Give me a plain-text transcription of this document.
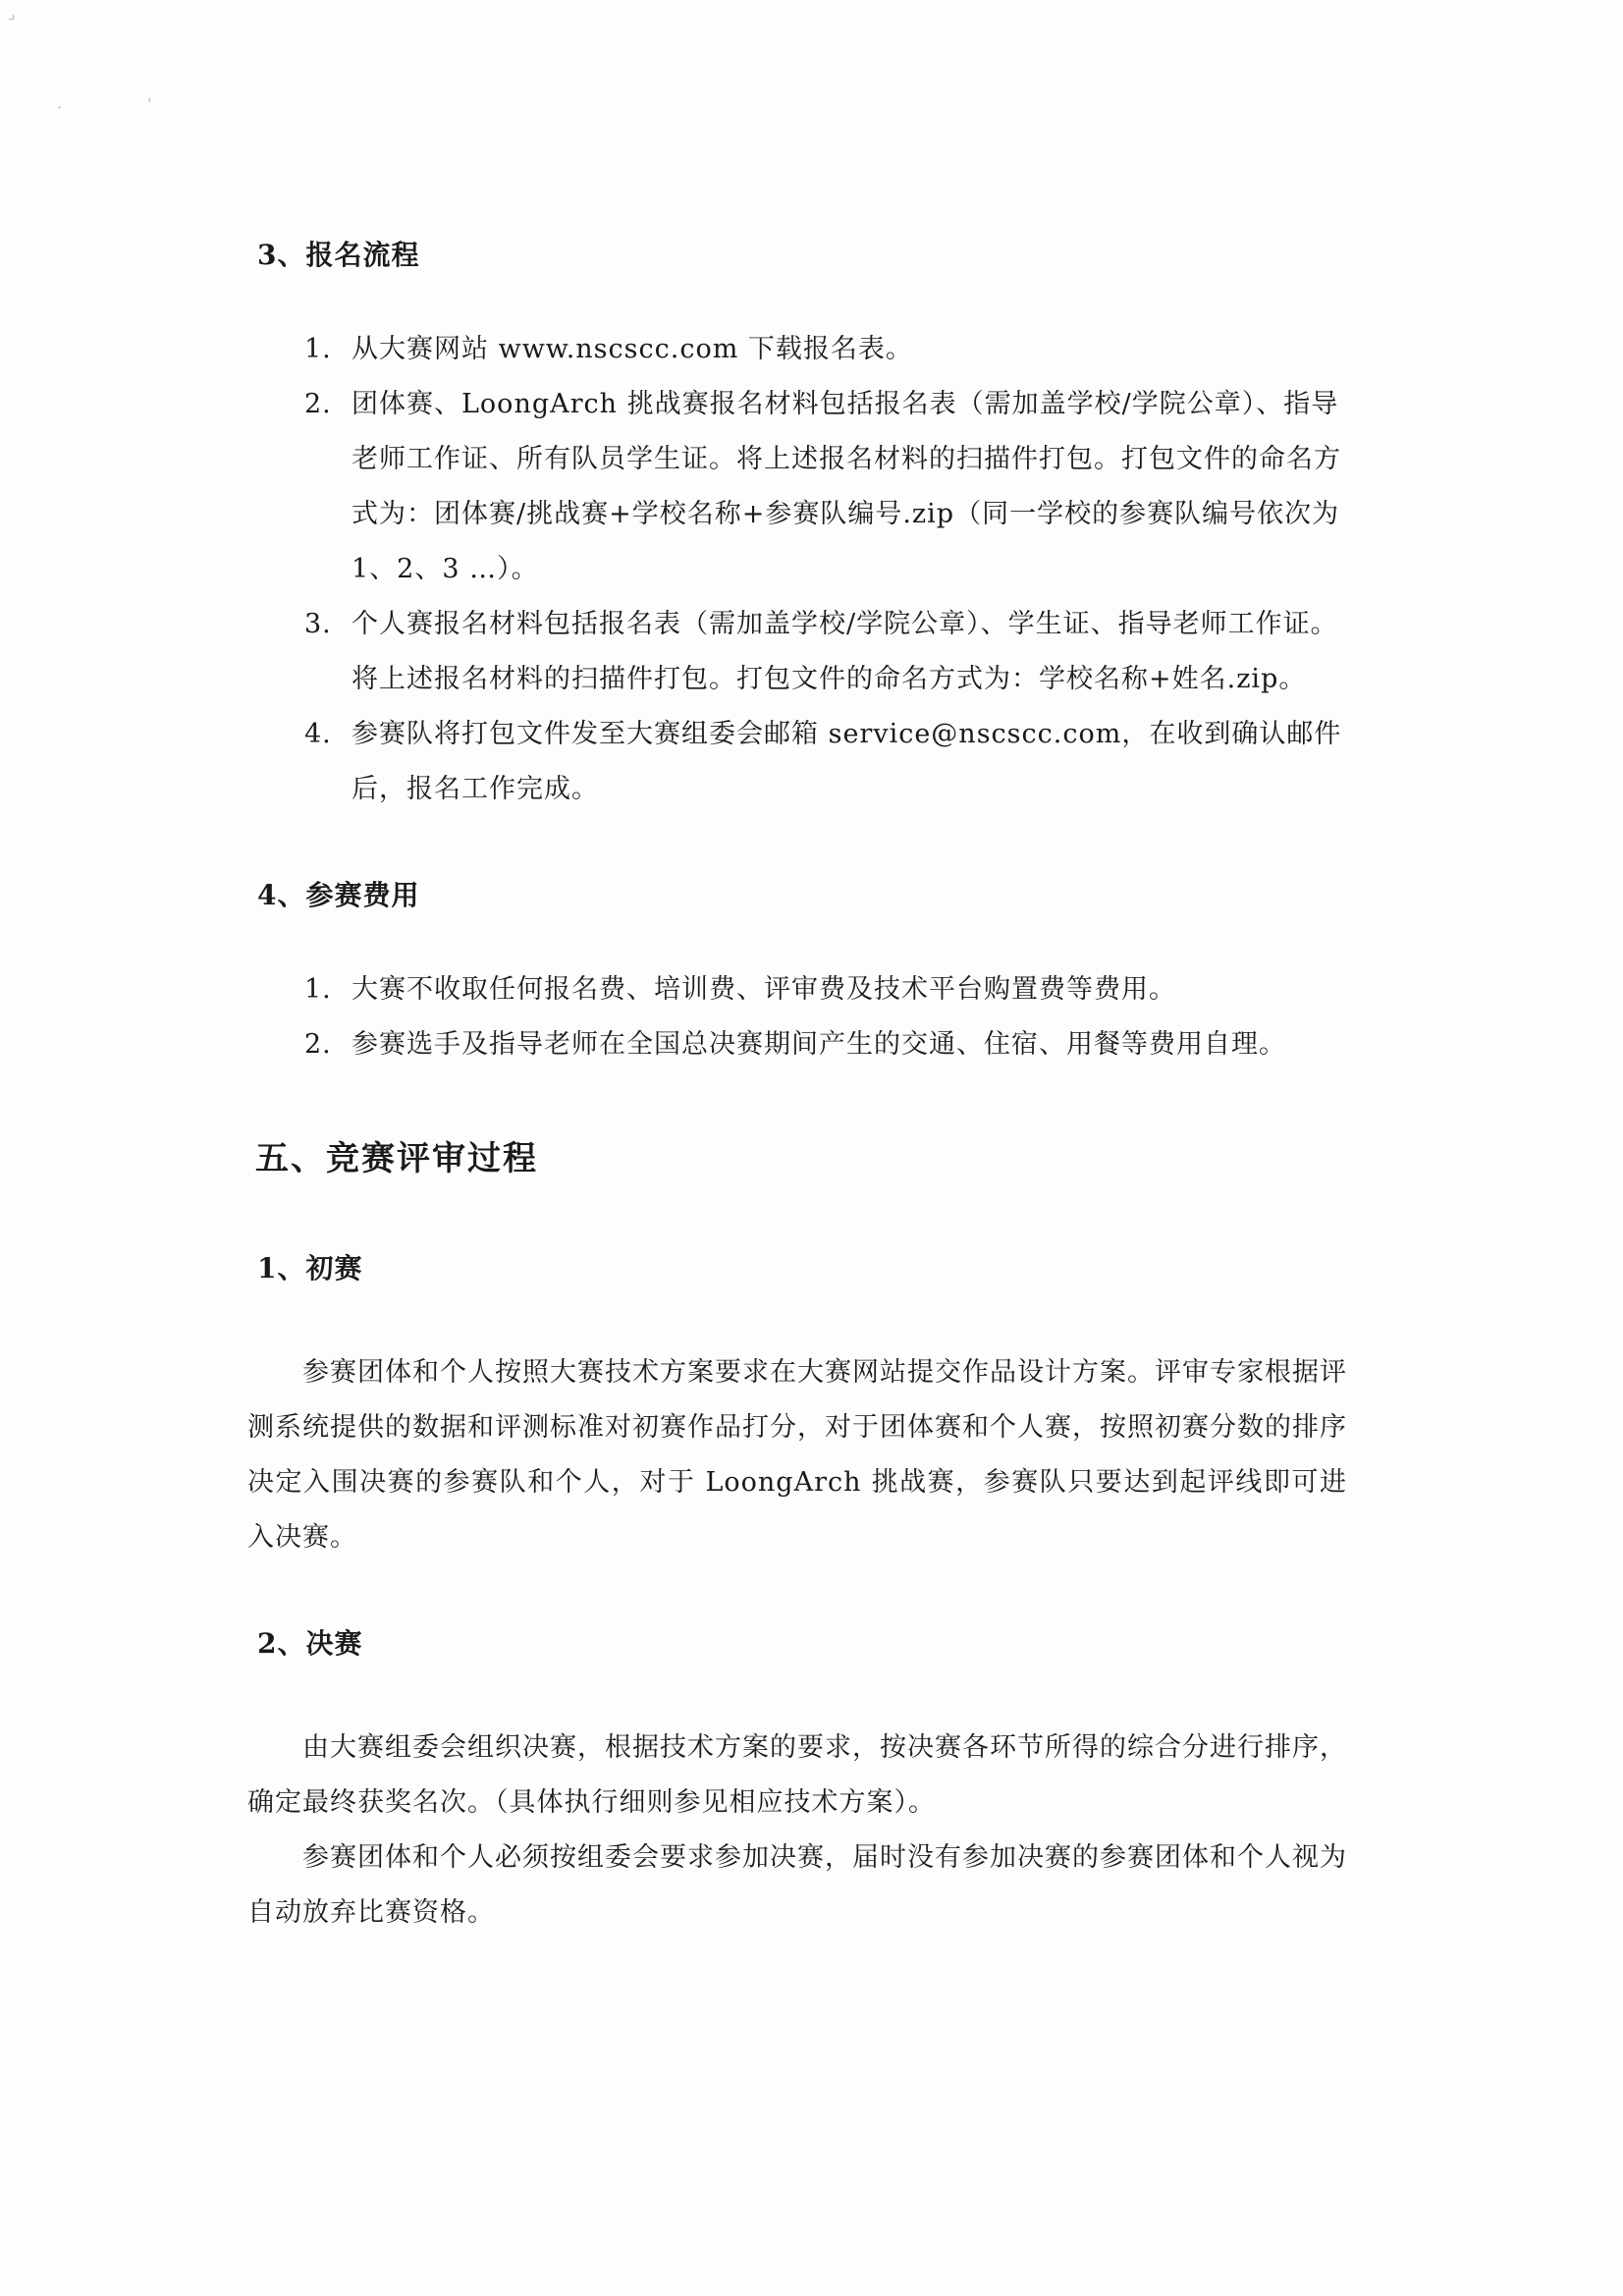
⌟
·	'
3、报名流程
1. 从大赛网站 www.nscscc.com 下载报名表。
2. 团体赛、LoongArch 挑战赛报名材料包括报名表（需加盖学校/学院公章）、指导老师工作证、所有队员学生证。将上述报名材料的扫描件打包。打包文件的命名方式为：团体赛/挑战赛+学校名称+参赛队编号.zip（同一学校的参赛队编号依次为 1、2、3 …）。
3. 个人赛报名材料包括报名表（需加盖学校/学院公章）、学生证、指导老师工作证。将上述报名材料的扫描件打包。打包文件的命名方式为：学校名称+姓名.zip。
4. 参赛队将打包文件发至大赛组委会邮箱 service@nscscc.com，在收到确认邮件后，报名工作完成。
4、参赛费用
1. 大赛不收取任何报名费、培训费、评审费及技术平台购置费等费用。
2. 参赛选手及指导老师在全国总决赛期间产生的交通、住宿、用餐等费用自理。
五、竞赛评审过程
1、初赛

参赛团体和个人按照大赛技术方案要求在大赛网站提交作品设计方案。评审专家根据评测系统提供的数据和评测标准对初赛作品打分，对于团体赛和个人赛，按照初赛分数的排序决定入围决赛的参赛队和个人，对于 LoongArch 挑战赛，参赛队只要达到起评线即可进入决赛。

2、决赛

由大赛组委会组织决赛，根据技术方案的要求，按决赛各环节所得的综合分进行排序，确定最终获奖名次。（具体执行细则参见相应技术方案）。

参赛团体和个人必须按组委会要求参加决赛，届时没有参加决赛的参赛团体和个人视为自动放弃比赛资格。
